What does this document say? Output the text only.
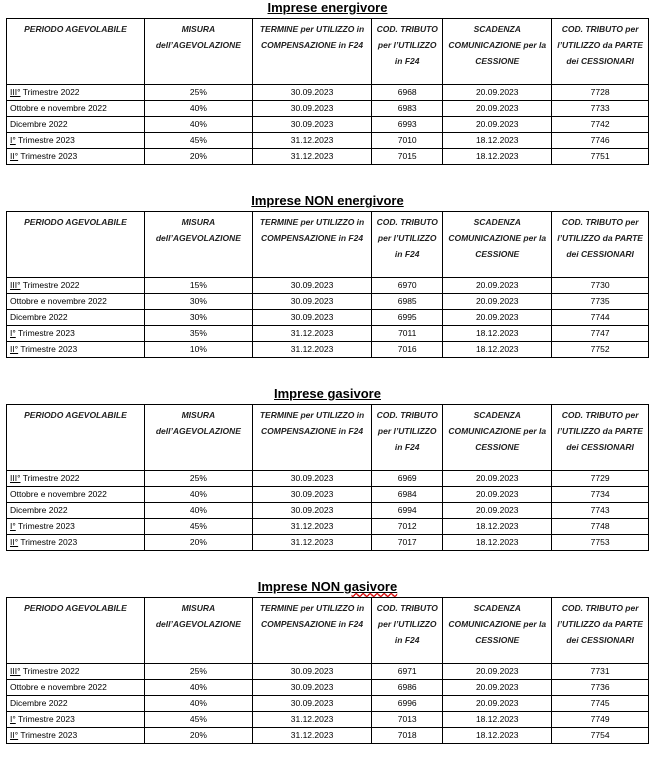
Imprese energivore
PERIODO AGEVOLABILE	MISURA dell’AGEVOLAZIONE	TERMINE per UTILIZZO in COMPENSAZIONE in F24	COD. TRIBUTO per l’UTILIZZO in F24	SCADENZA COMUNICAZIONE per la CESSIONE	COD. TRIBUTO per l’UTILIZZO da PARTE dei CESSIONARI
III° Trimestre 2022	25%	30.09.2023	6968	20.09.2023	7728
Ottobre e novembre 2022	40%	30.09.2023	6983	20.09.2023	7733
Dicembre 2022	40%	30.09.2023	6993	20.09.2023	7742
I° Trimestre 2023	45%	31.12.2023	7010	18.12.2023	7746
II° Trimestre 2023	20%	31.12.2023	7015	18.12.2023	7751
Imprese NON energivore
PERIODO AGEVOLABILE	MISURA dell’AGEVOLAZIONE	TERMINE per UTILIZZO in COMPENSAZIONE in F24	COD. TRIBUTO per l’UTILIZZO in F24	SCADENZA COMUNICAZIONE per la CESSIONE	COD. TRIBUTO per l’UTILIZZO da PARTE dei CESSIONARI
III° Trimestre 2022	15%	30.09.2023	6970	20.09.2023	7730
Ottobre e novembre 2022	30%	30.09.2023	6985	20.09.2023	7735
Dicembre 2022	30%	30.09.2023	6995	20.09.2023	7744
I° Trimestre 2023	35%	31.12.2023	7011	18.12.2023	7747
II° Trimestre 2023	10%	31.12.2023	7016	18.12.2023	7752
Imprese gasivore
PERIODO AGEVOLABILE	MISURA dell’AGEVOLAZIONE	TERMINE per UTILIZZO in COMPENSAZIONE in F24	COD. TRIBUTO per l’UTILIZZO in F24	SCADENZA COMUNICAZIONE per la CESSIONE	COD. TRIBUTO per l’UTILIZZO da PARTE dei CESSIONARI
III° Trimestre 2022	25%	30.09.2023	6969	20.09.2023	7729
Ottobre e novembre 2022	40%	30.09.2023	6984	20.09.2023	7734
Dicembre 2022	40%	30.09.2023	6994	20.09.2023	7743
I° Trimestre 2023	45%	31.12.2023	7012	18.12.2023	7748
II° Trimestre 2023	20%	31.12.2023	7017	18.12.2023	7753
Imprese NON gasivore
PERIODO AGEVOLABILE	MISURA dell’AGEVOLAZIONE	TERMINE per UTILIZZO in COMPENSAZIONE in F24	COD. TRIBUTO per l’UTILIZZO in F24	SCADENZA COMUNICAZIONE per la CESSIONE	COD. TRIBUTO per l’UTILIZZO da PARTE dei CESSIONARI
III° Trimestre 2022	25%	30.09.2023	6971	20.09.2023	7731
Ottobre e novembre 2022	40%	30.09.2023	6986	20.09.2023	7736
Dicembre 2022	40%	30.09.2023	6996	20.09.2023	7745
I° Trimestre 2023	45%	31.12.2023	7013	18.12.2023	7749
II° Trimestre 2023	20%	31.12.2023	7018	18.12.2023	7754
